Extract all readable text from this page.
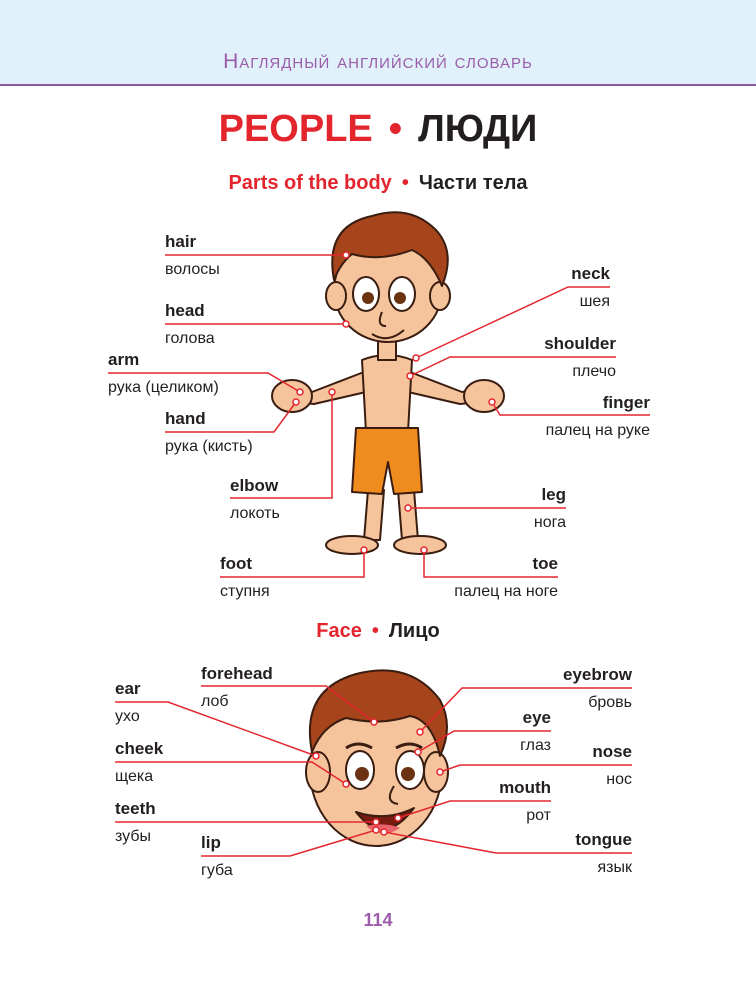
Наглядный английский словарь
PEOPLE • ЛЮДИ
Parts of the body • Части тела
Face • Лицо
hair
волосы
head
голова
arm
рука (целиком)
hand
рука (кисть)
elbow
локоть
foot
ступня
neck
шея
shoulder
плечо
finger
палец на руке
leg
нога
toe
палец на ноге
ear
ухо
forehead
лоб
cheek
щека
teeth
зубы	lip
губа
eyebrow
бровь
eye
глаз nose
нос
mouth
рот
tongue
язык
114
